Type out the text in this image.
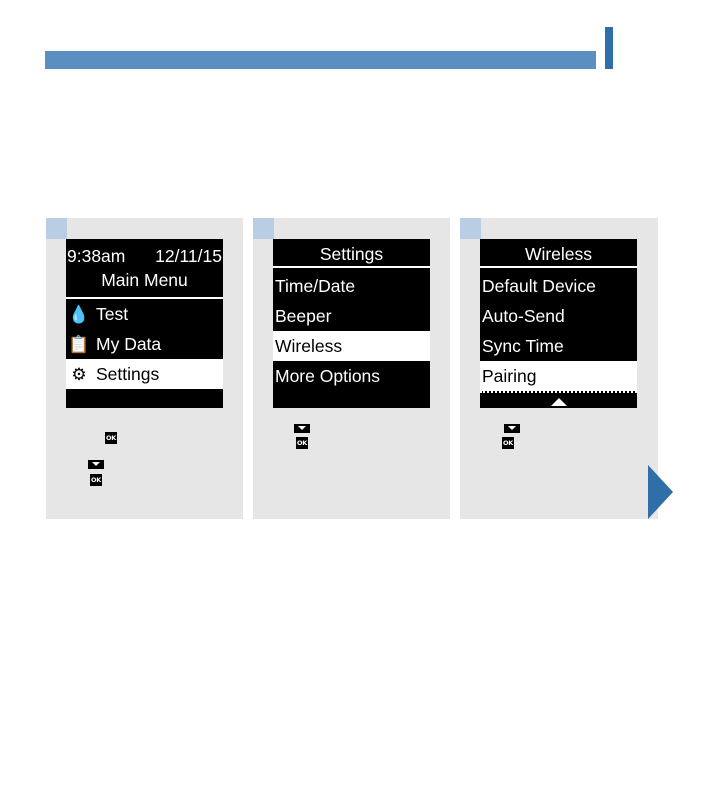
9:38am 12/11/15
Main Menu
💧 Test
📋 My Data
⚙ Settings
OK
OK
Settings
Time/Date
Beeper
Wireless
More Options
OK
Wireless
Default Device
Auto-Send
Sync Time
Pairing
OK
